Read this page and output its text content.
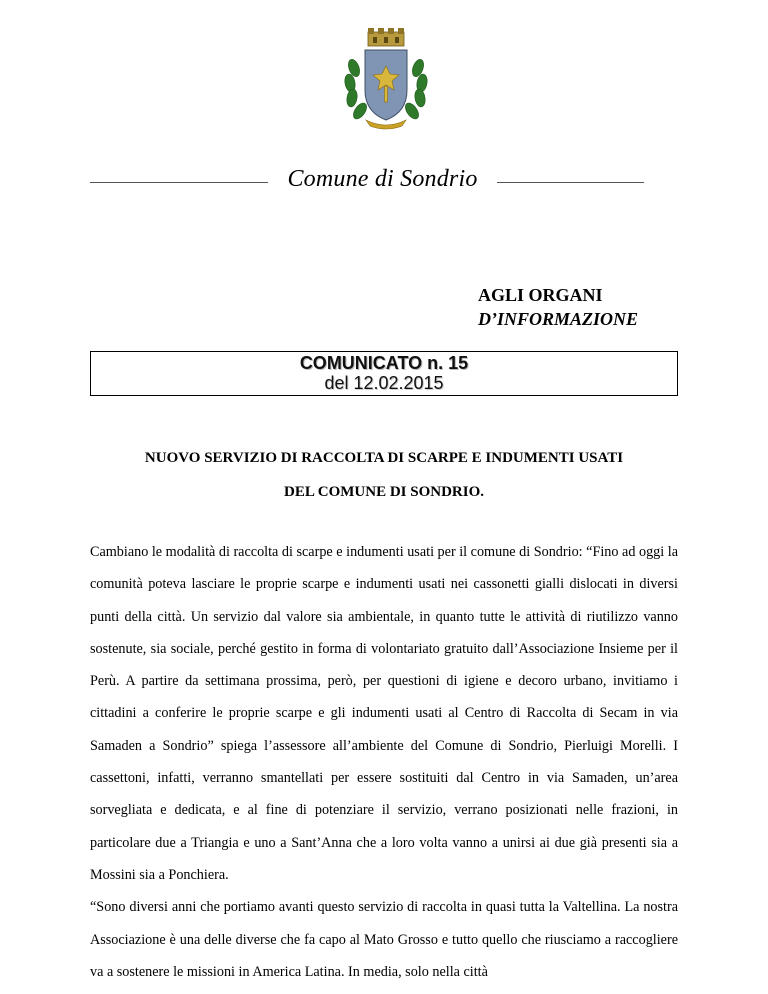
Comune di Sondrio
AGLI ORGANI
D’INFORMAZIONE
COMUNICATO n. 15
del 12.02.2015
NUOVO SERVIZIO DI RACCOLTA DI SCARPE E INDUMENTI USATI
DEL COMUNE DI SONDRIO.

Cambiano le modalità di raccolta di scarpe e indumenti usati per il comune di Sondrio: “Fino ad oggi la comunità poteva lasciare le proprie scarpe e indumenti usati nei cassonetti gialli dislocati in diversi punti della città. Un servizio dal valore sia ambientale, in quanto tutte le attività di riutilizzo vanno sostenute, sia sociale, perché gestito in forma di volontariato gratuito dall’Associazione Insieme per il Perù. A partire da settimana prossima, però, per questioni di igiene e decoro urbano, invitiamo i cittadini a conferire le proprie scarpe e gli indumenti usati al Centro di Raccolta di Secam in via Samaden a Sondrio” spiega l’assessore all’ambiente del Comune di Sondrio, Pierluigi Morelli. I cassettoni, infatti, verranno smantellati per essere sostituiti dal Centro in via Samaden, un’area sorvegliata e dedicata, e al fine di potenziare il servizio, verrano posizionati nelle frazioni, in particolare due a Triangia e uno a Sant’Anna che a loro volta vanno a unirsi ai due già presenti sia a Mossini sia a Ponchiera.

“Sono diversi anni che portiamo avanti questo servizio di raccolta in quasi tutta la Valtellina. La nostra Associazione è una delle diverse che fa capo al Mato Grosso e tutto quello che riusciamo a raccogliere va a sostenere le missioni in America Latina. In media, solo nella città
